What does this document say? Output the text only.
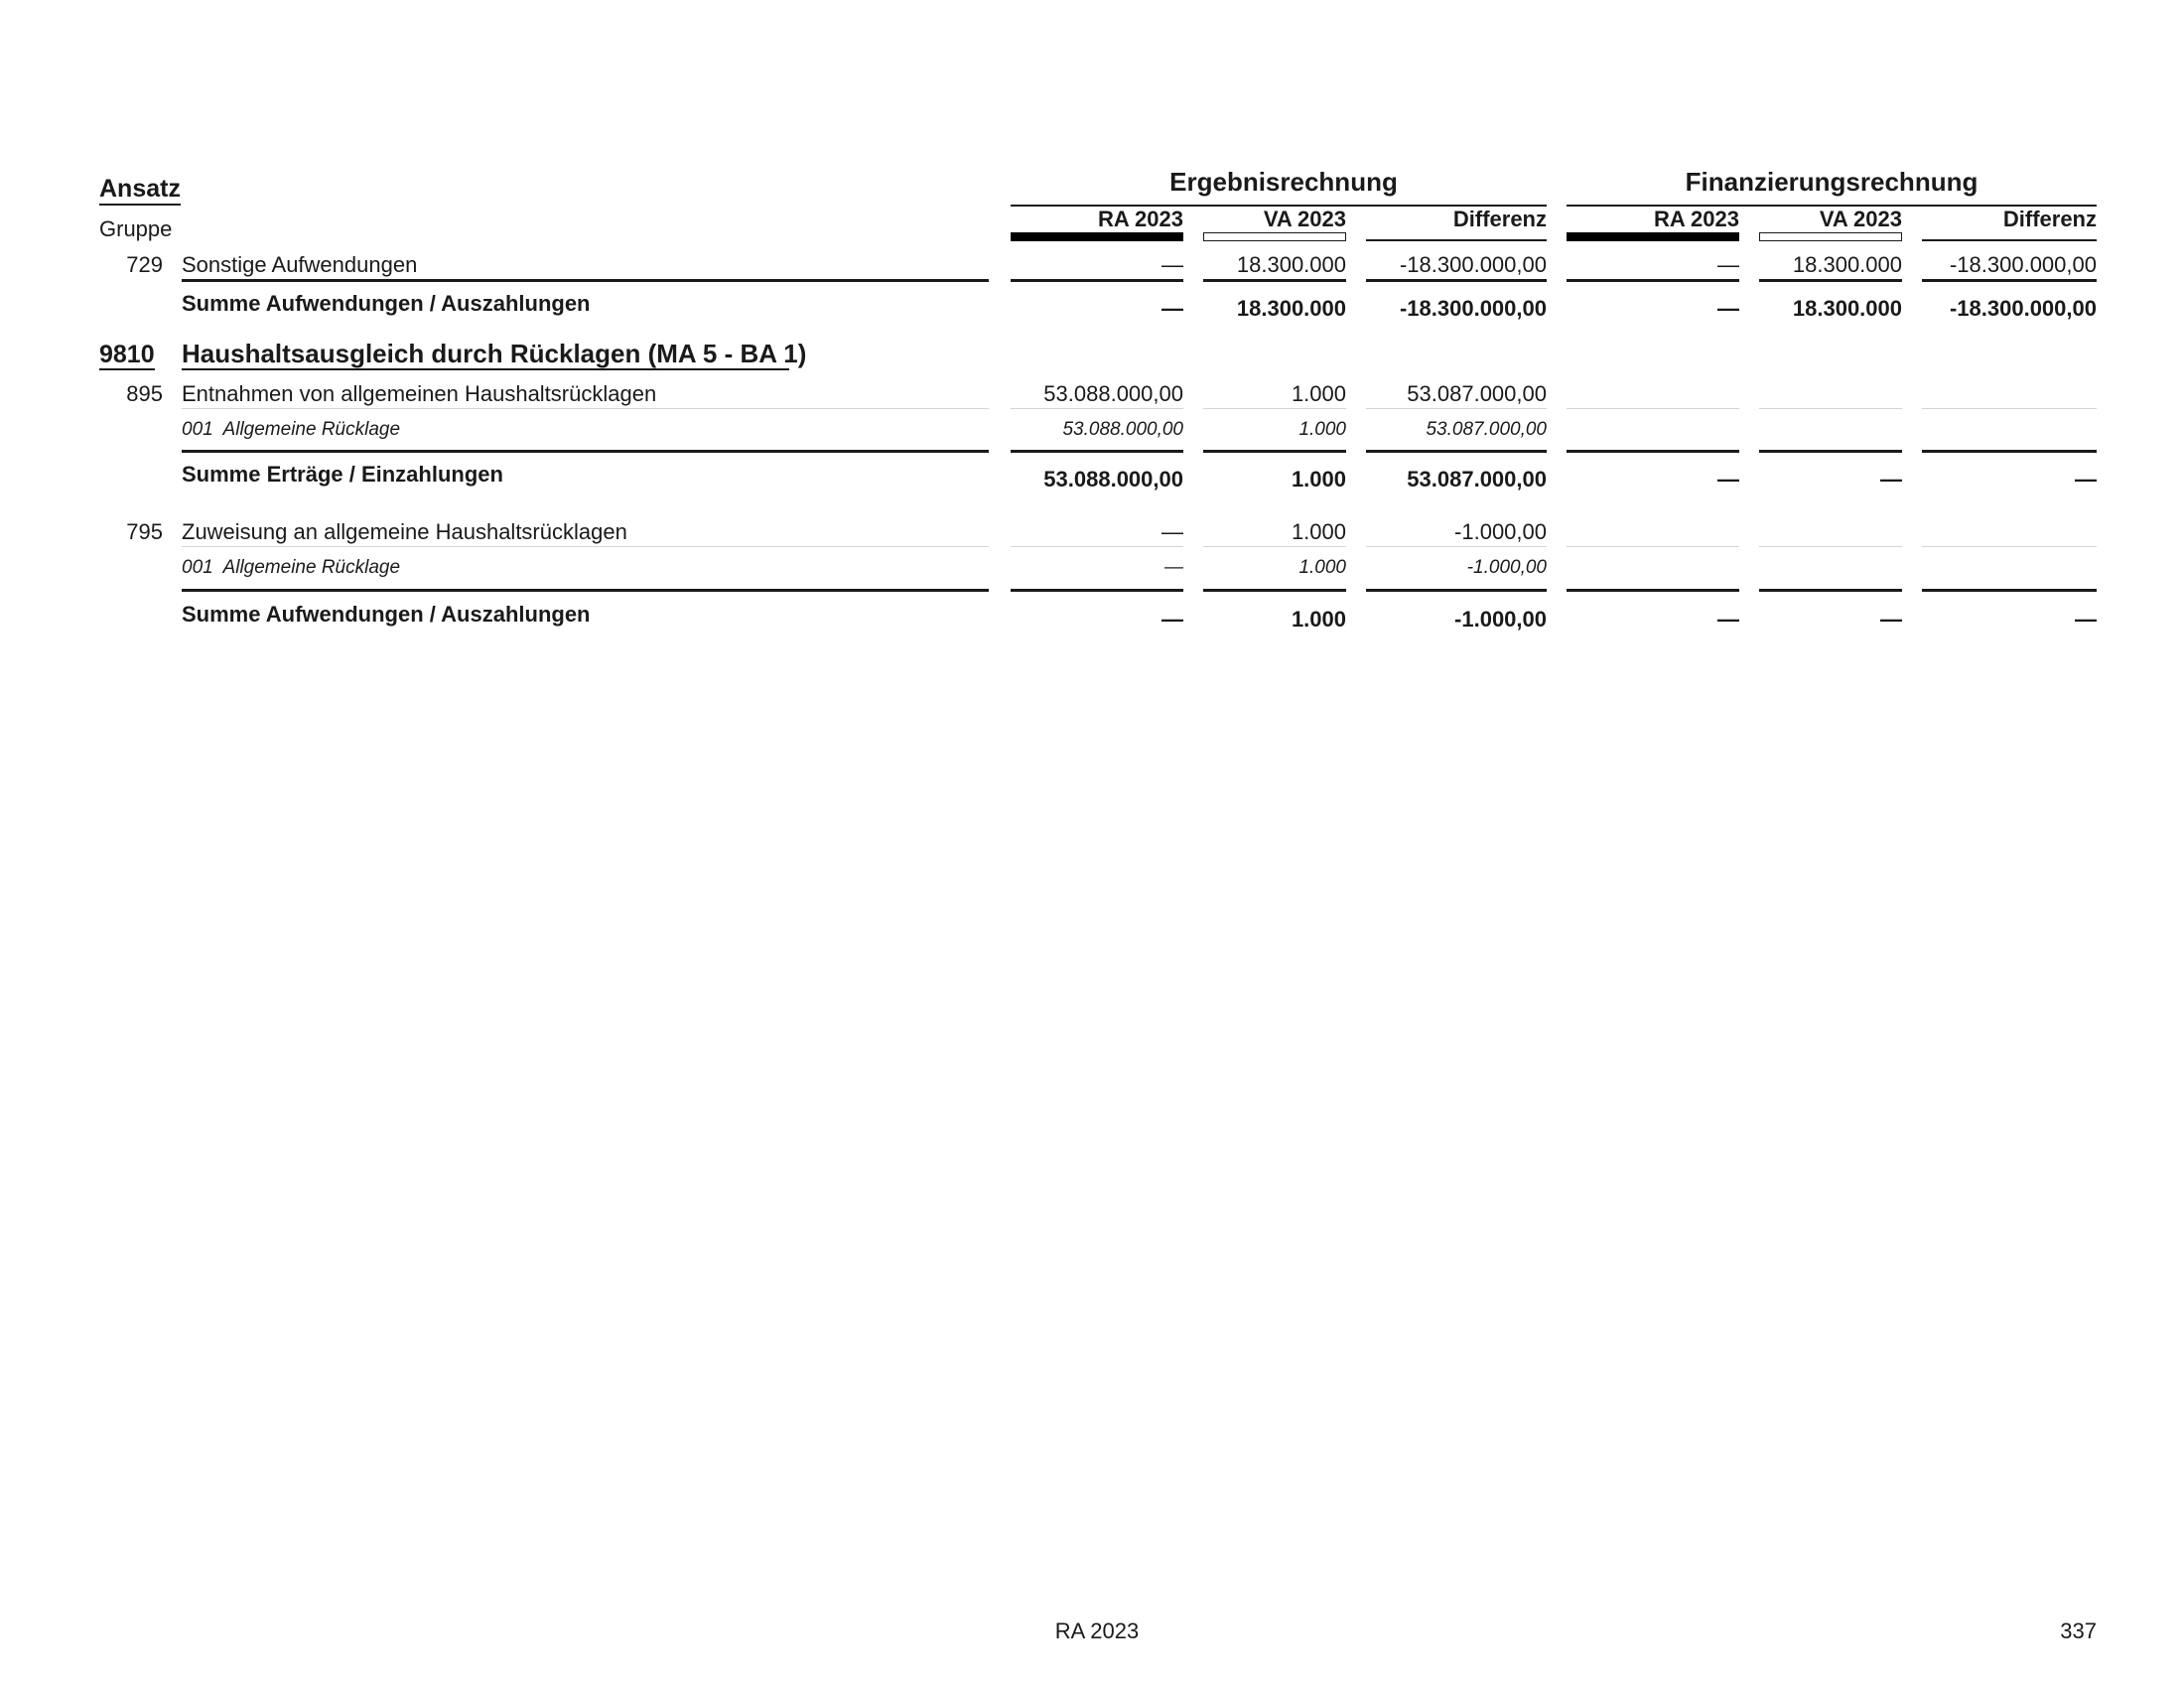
Ansatz
Gruppe
Ergebnisrechnung	Finanzierungsrechnung
RA 2023	VA 2023	Differenz	RA 2023	VA 2023	Differenz
729 Sonstige Aufwendungen	—	18.300.000	-18.300.000,00	—	18.300.000	-18.300.000,00
Summe Aufwendungen / Auszahlungen	—	18.300.000	-18.300.000,00	—	18.300.000	-18.300.000,00
9810 Haushaltsausgleich durch Rücklagen (MA 5 - BA 1)
895 Entnahmen von allgemeinen Haushaltsrücklagen	53.088.000,00	1.000	53.087.000,00
001  Allgemeine Rücklage	53.088.000,00	1.000	53.087.000,00
Summe Erträge / Einzahlungen	53.088.000,00	1.000	53.087.000,00	—	—	—
795 Zuweisung an allgemeine Haushaltsrücklagen	—	1.000	-1.000,00
001  Allgemeine Rücklage	—	1.000	-1.000,00
Summe Aufwendungen / Auszahlungen	—	1.000	-1.000,00	—	—	—
RA 2023	337
